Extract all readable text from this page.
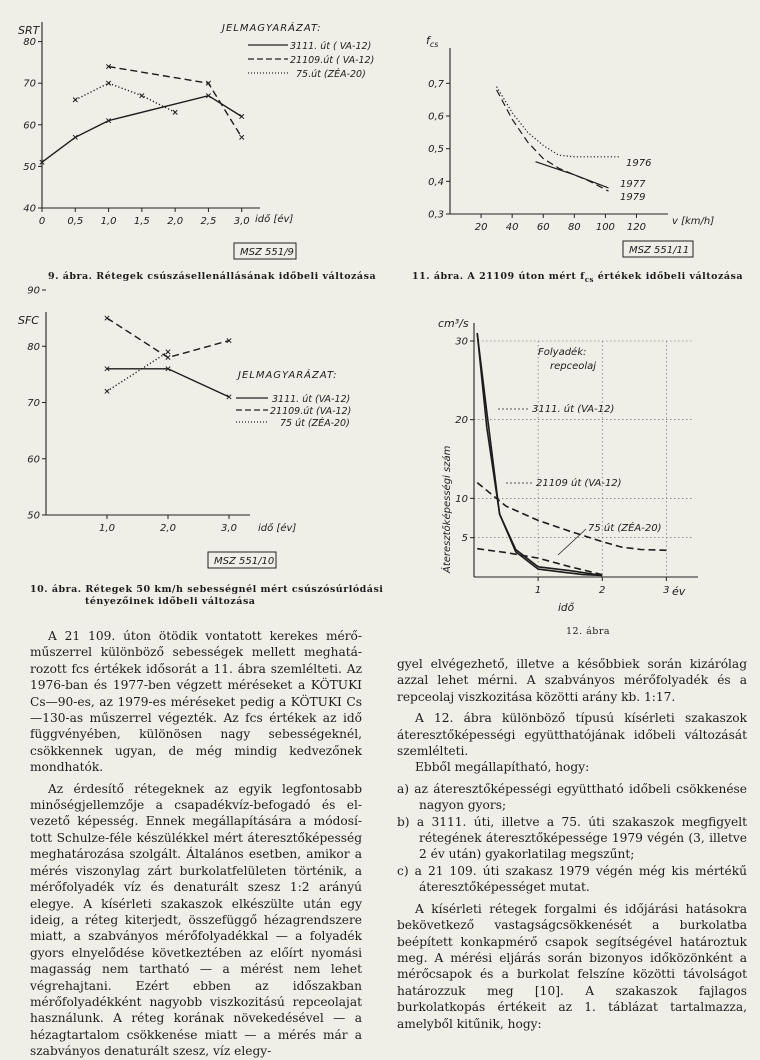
SRT
40
50
60
70
80
0 0,5 1,0 1,5 2,0 2,5 3,0 idő [év]
JELMAGYARÁZAT:
3111. út ( VA-12)
21109.út ( VA-12)
75.út (ZÉA-20)
MSZ 551/9
9. ábra. Rétegek csúszásellenállásának időbeli változása
$f_{cs}$
0,3
0,4
0,5
0,6
0,7
20 40 60 80 100 120
v [km/h]
1976
1977
1979
MSZ 551/11
11. ábra. A 21109 úton mért $f_{cs}$ értékek időbeli változása
SFC
50
60
70
80
90
1,0	2,0	3,0 idő [év]
JELMAGYARÁZAT:
3111. út (VA-12)
21109.út (VA-12)
75 út (ZÉA-20)
MSZ 551/10
10. ábra. Rétegek 50 km/h sebességnél mért csúszósúrlódási
tényezőinek időbeli változása
cm³/s
5
10
20
30
1	2	3
Áteresztőképességi szám
idő
év
Folyadék:
repceolaj
3111. út (VA-12)
21109 út (VA-12)
75 út (ZÉA-20)
12. ábra

A 21 109. úton ötödik vontatott kerekes mérőműszerrel különböző sebességek mellett meghatározott fcs értékek idősorát a 11. ábra szemlélteti. Az 1976-ban és 1977-ben végzett méréseket a KÖTUKI Cs—90-es, az 1979-es méréseket pedig a KÖTUKI Cs—130-as műszerrel végezték. Az fcs értékek az idő függvényében, különösen nagy sebességeknél, csökkennek ugyan, de még mindig kedvezőnek mondhatók.

Az érdesítő rétegeknek az egyik legfontosabb minőségjellemzője a csapadékvíz-befogadó és elvezető képesség. Ennek megállapítására a módosított Schulze-féle készülékkel mért áteresztőképesség meghatározása szolgált. Általános esetben, amikor a mérés viszonylag zárt burkolatfelületen történik, a mérőfolyadék víz és denaturált szesz 1:2 arányú elegye. A kísérleti szakaszok elkészülte után egy ideig, a réteg kiterjedt, összefüggő hézagrendszere miatt, a szabványos mérőfolyadékkal — a folyadék gyors elnyelődése következtében az előírt nyomási magasság nem tartható — a mérést nem lehet végrehajtani. Ezért ebben az időszakban mérőfolyadékként nagyobb viszkozitású repceolajat használunk. A réteg korának növekedésével — a hézagtartalom csökkenése miatt — a mérés már a szabványos denaturált szesz, víz elegy-

gyel elvégezhető, illetve a későbbiek során kizárólag azzal lehet mérni. A szabványos mérőfolyadék és a repceolaj viszkozitása közötti arány kb. 1:17.

A 12. ábra különböző típusú kísérleti szakaszok áteresztőképességi együtthatójának időbeli változását szemlélteti.

Ebből megállapítható, hogy:

a) az áteresztőképességi együttható időbeli csökkenése nagyon gyors;

b) a 3111. úti, illetve a 75. úti szakaszok megfigyelt rétegének áteresztőképessége 1979 végén (3, illetve 2 év után) gyakorlatilag megszűnt;

c) a 21 109. úti szakasz 1979 végén még kis mértékű áteresztőképességet mutat.

A kísérleti rétegek forgalmi és időjárási hatásokra bekövetkező vastagságcsökkenését a burkolatba beépített konkapmérő csapok segítségével határoztuk meg. A mérési eljárás során bizonyos időközönként a mérőcsapok és a burkolat felszíne közötti távolságot határozzuk meg [10]. A szakaszok fajlagos burkolatkopás értékeit az 1. táblázat tartalmazza, amelyből kitűnik, hogy:
